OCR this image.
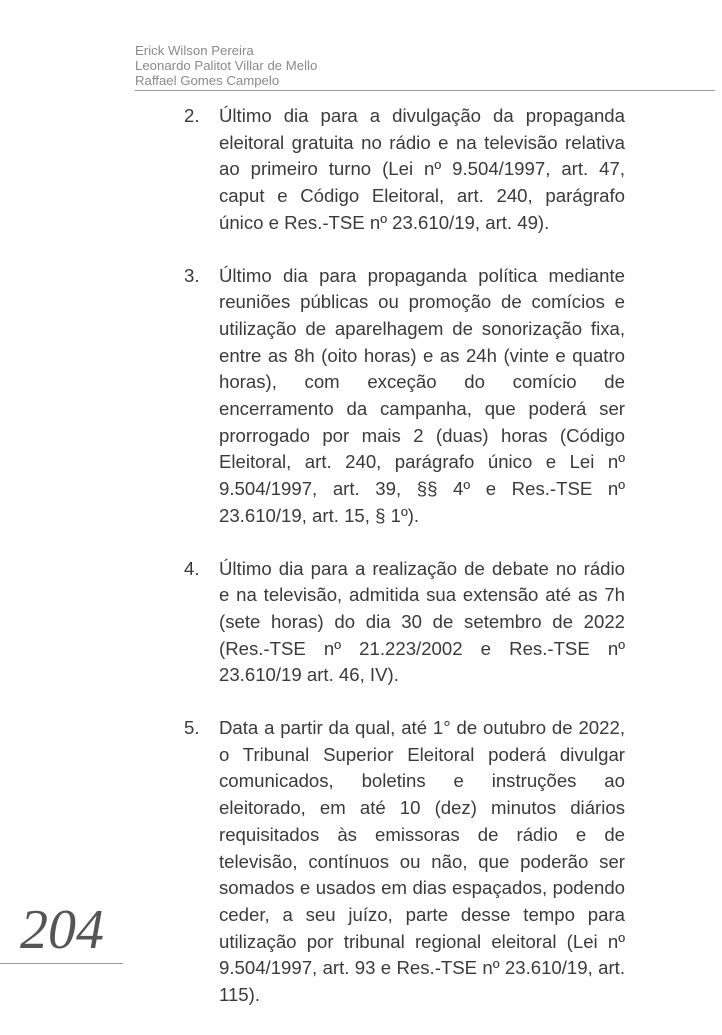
Erick Wilson Pereira
Leonardo Palitot Villar de Mello
Raffael Gomes Campelo
2.	Último dia para a divulgação da propaganda eleitoral gratuita no rádio e na televisão relativa ao primeiro turno (Lei nº 9.504/1997, art. 47, caput e Código Eleitoral, art. 240, parágrafo único e Res.-TSE nº 23.610/19, art. 49).
3.	Último dia para propaganda política mediante reuniões públicas ou promoção de comícios e utilização de aparelhagem de sonorização fixa, entre as 8h (oito horas) e as 24h (vinte e quatro horas), com exceção do comício de encerramento da campanha, que poderá ser prorrogado por mais 2 (duas) horas (Código Eleitoral, art. 240, parágrafo único e Lei nº 9.504/1997, art. 39, §§ 4º e Res.-TSE nº 23.610/19, art. 15, § 1º).
4.	Último dia para a realização de debate no rádio e na televisão, admitida sua extensão até as 7h (sete horas) do dia 30 de setembro de 2022 (Res.-TSE nº 21.223/2002 e Res.-TSE nº 23.610/19 art. 46, IV).
5.	Data a partir da qual, até 1° de outubro de 2022, o Tribunal Superior Eleitoral poderá divulgar comunicados, boletins e instruções ao eleitorado, em até 10 (dez) minutos diários requisitados às emissoras de rádio e de televisão, contínuos ou não, que poderão ser somados e usados em dias espaçados, podendo ceder, a seu juízo, parte desse tempo para utilização por tribunal regional eleitoral (Lei nº 9.504/1997, art. 93 e Res.-TSE nº 23.610/19, art. 115).
204
